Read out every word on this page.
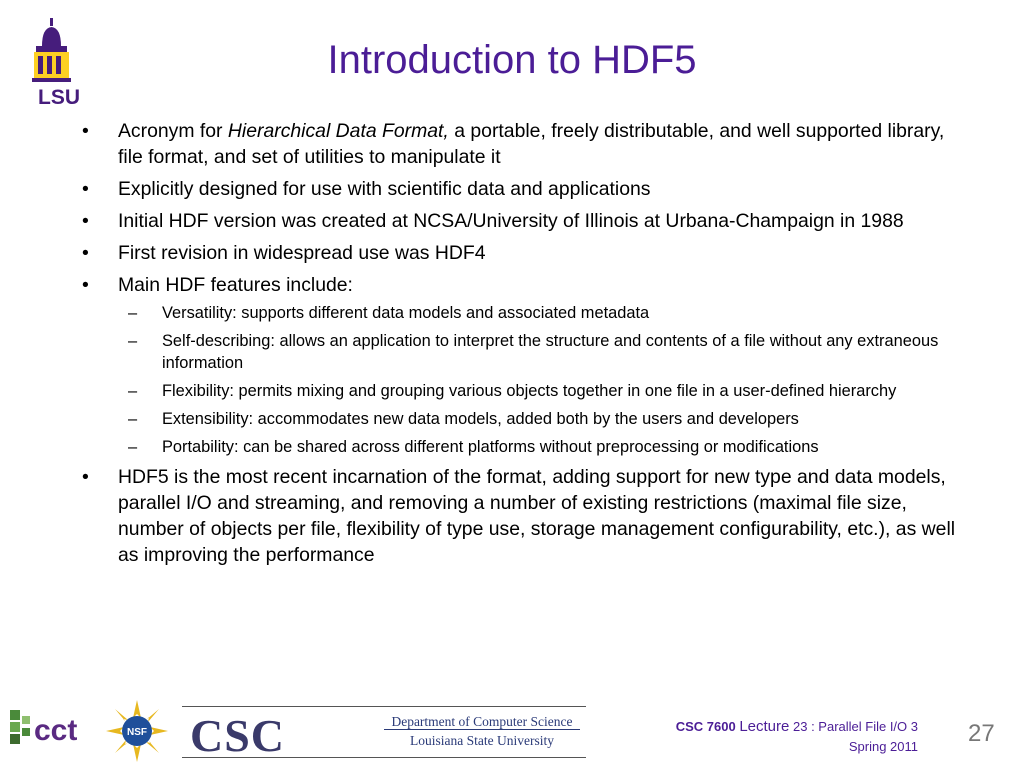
LSU
Introduction to HDF5
• Acronym for Hierarchical Data Format, a portable, freely distributable, and well supported library, file format, and set of utilities to manipulate it
• Explicitly designed for use with scientific data and applications
• Initial HDF version was created at NCSA/University of Illinois at Urbana-Champaign in 1988
• First revision in widespread use was HDF4
• Main HDF features include:
– Versatility: supports different data models and associated metadata
– Self-describing: allows an application to interpret the structure and contents of a file without any extraneous information
– Flexibility: permits mixing and grouping various objects together in one file in a user-defined hierarchy
– Extensibility: accommodates new data models, added both by the users and developers
– Portability: can be shared across different platforms without preprocessing or modifications
• HDF5 is the most recent incarnation of the format, adding support for new type and data models, parallel I/O and streaming, and removing a number of existing restrictions (maximal file size, number of objects per file, flexibility of type use, storage management configurability, etc.), as well as improving the performance
cct	NSF CSC	Department of Computer Science
Louisiana State University
CSC 7600 Lecture 23 : Parallel File I/O 3
Spring 2011 27
